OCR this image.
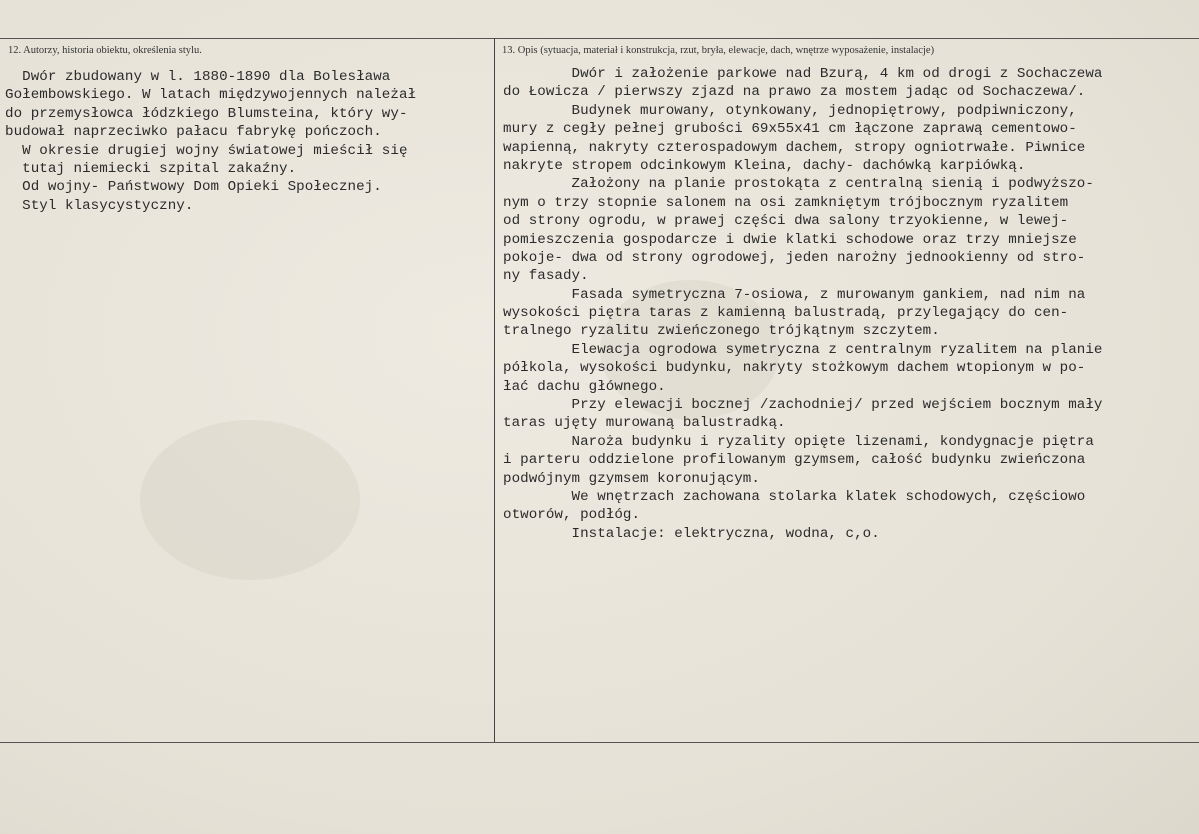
12. Autorzy, historia obiektu, określenia stylu.	13. Opis (sytuacja, materiał i konstrukcja, rzut, bryła, elewacje, dach, wnętrze wyposażenie, instalacje)
Dwór zbudowany w l. 1880-1890 dla Bolesława
Gołembowskiego. W latach międzywojennych należał
do przemysłowca łódzkiego Blumsteina, który wy-
budował naprzeciwko pałacu fabrykę pończoch.
W okresie drugiej wojny światowej mieścił się
tutaj niemiecki szpital zakaźny.
Od wojny- Państwowy Dom Opieki Społecznej.
Styl klasycystyczny.
Dwór i założenie parkowe nad Bzurą, 4 km od drogi z Sochaczewa
do Łowicza / pierwszy zjazd na prawo za mostem jadąc od Sochaczewa/.
Budynek murowany, otynkowany, jednopiętrowy, podpiwniczony,
mury z cegły pełnej grubości 69x55x41 cm łączone zaprawą cementowo-
wapienną, nakryty czterospadowym dachem, stropy ogniotrwałe. Piwnice
nakryte stropem odcinkowym Kleina, dachy- dachówką karpiówką.
Założony na planie prostokąta z centralną sienią i podwyższo-
nym o trzy stopnie salonem na osi zamkniętym trójbocznym ryzalitem
od strony ogrodu, w prawej części dwa salony trzyokienne, w lewej-
pomieszczenia gospodarcze i dwie klatki schodowe oraz trzy mniejsze
pokoje- dwa od strony ogrodowej, jeden narożny jednookienny od stro-
ny fasady.
Fasada symetryczna 7-osiowa, z murowanym gankiem, nad nim na
wysokości piętra taras z kamienną balustradą, przylegający do cen-
tralnego ryzalitu zwieńczonego trójkątnym szczytem.
Elewacja ogrodowa symetryczna z centralnym ryzalitem na planie
półkola, wysokości budynku, nakryty stożkowym dachem wtopionym w po-
łać dachu głównego.
Przy elewacji bocznej /zachodniej/ przed wejściem bocznym mały
taras ujęty murowaną balustradką.
Naroża budynku i ryzality opięte lizenami, kondygnacje piętra
i parteru oddzielone profilowanym gzymsem, całość budynku zwieńczona
podwójnym gzymsem koronującym.
We wnętrzach zachowana stolarka klatek schodowych, częściowo
otworów, podłóg.
Instalacje: elektryczna, wodna, c,o.
